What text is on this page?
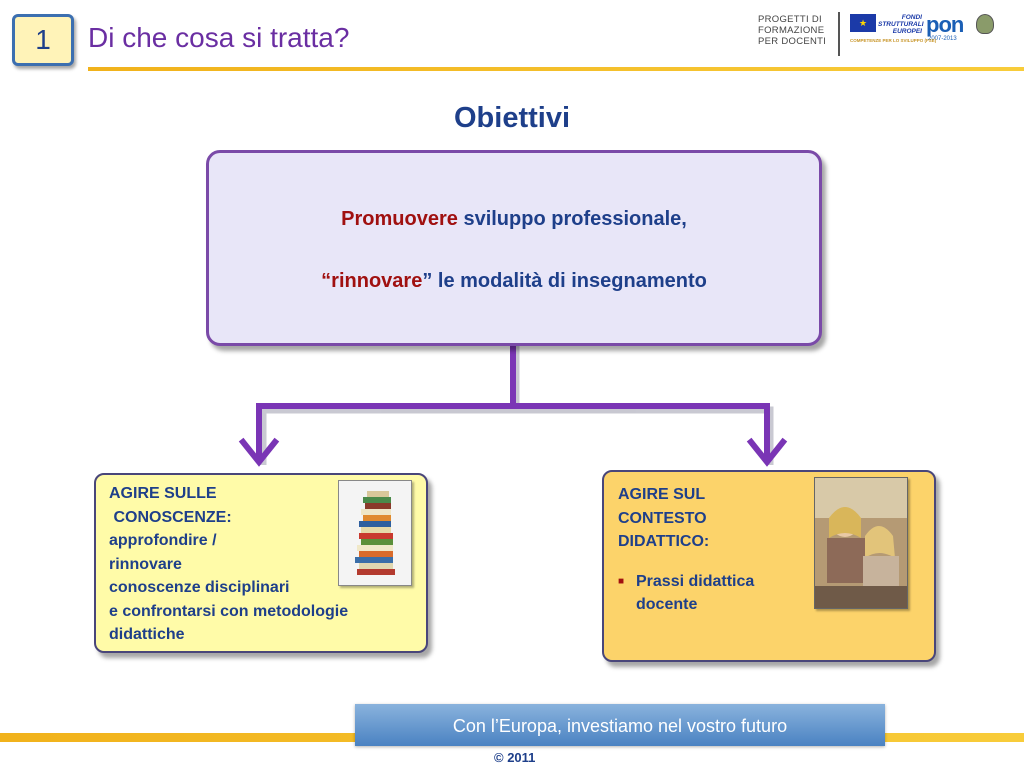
1	Di che cosa si tratta?
PROGETTI DI
FORMAZIONE
PER DOCENTI
★
FONDI
STRUTTURALI
EUROPEI pon
2007-2013
COMPETENZE PER LO SVILUPPO (FSE)
Obiettivi
Promuovere sviluppo professionale,
“rinnovare” le modalità di insegnamento
AGIRE SULLE
CONOSCENZE:
approfondire /
rinnovare
conoscenze disciplinari
e confrontarsi con metodologie
didattiche
AGIRE SUL
CONTESTO
DIDATTICO:
■ Prassi didattica
docente
Con l’Europa, investiamo nel vostro futuro
© 2011
